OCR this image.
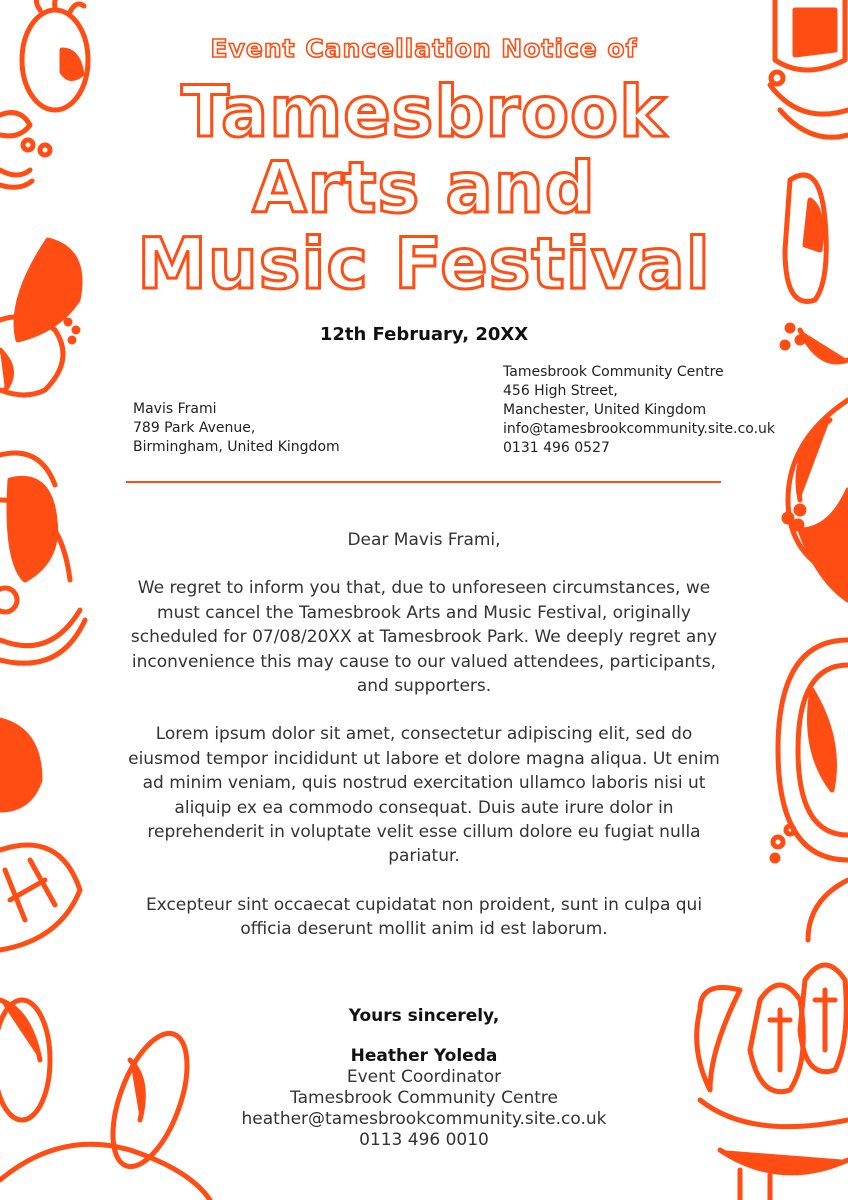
Event Cancellation Notice of
Tamesbrook
Arts and
Music Festival
12th February, 20XX
Mavis Frami
789 Park Avenue,
Birmingham, United Kingdom
Tamesbrook Community Centre
456 High Street,
Manchester, United Kingdom
info@tamesbrookcommunity.site.co.uk
0131 496 0527

Dear Mavis Frami,

We regret to inform you that, due to unforeseen circumstances, we must cancel the Tamesbrook Arts and Music Festival, originally scheduled for 07/08/20XX at Tamesbrook Park. We deeply regret any inconvenience this may cause to our valued attendees, participants, and supporters.

Lorem ipsum dolor sit amet, consectetur adipiscing elit, sed do eiusmod tempor incididunt ut labore et dolore magna aliqua. Ut enim ad minim veniam, quis nostrud exercitation ullamco laboris nisi ut aliquip ex ea commodo consequat. Duis aute irure dolor in reprehenderit in voluptate velit esse cillum dolore eu fugiat nulla pariatur.

Excepteur sint occaecat cupidatat non proident, sunt in culpa qui officia deserunt mollit anim id est laborum.

Yours sincerely,
Heather Yoleda
Event Coordinator
Tamesbrook Community Centre
heather@tamesbrookcommunity.site.co.uk
0113 496 0010
